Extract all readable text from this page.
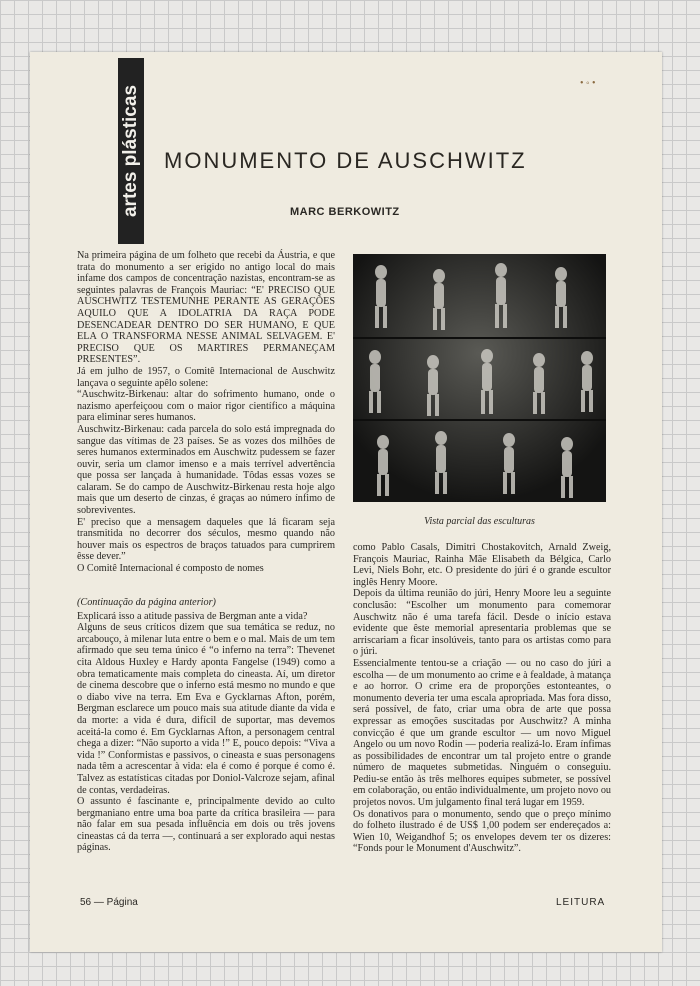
• ◦ •
artes plásticas MONUMENTO DE AUSCHWITZ
MARC BERKOWITZ

Na primeira página de um folheto que recebi da Áustria, e que trata do monumento a ser erigido no antigo local do mais infame dos campos de concentração nazistas, encontram-se as seguintes palavras de François Mauriac: “E' PRECISO QUE AUSCHWITZ TESTEMUNHE PERANTE AS GERAÇÕES AQUILO QUE A IDOLATRIA DA RAÇA PODE DESENCADEAR DENTRO DO SER HUMANO, E QUE ELA O TRANSFORMA NESSE ANIMAL SELVAGEM. E' PRECISO QUE OS MARTIRES PERMANEÇAM PRESENTES”.

Já em julho de 1957, o Comitê Internacional de Auschwitz lançava o seguinte apêlo solene:

“Auschwitz-Birkenau: altar do sofrimento humano, onde o nazismo aperfeiçoou com o maior rigor científico a máquina para eliminar seres humanos.

Auschwitz-Birkenau: cada parcela do solo está impregnada do sangue das vítimas de 23 países. Se as vozes dos milhões de seres humanos exterminados em Auschwitz pudessem se fazer ouvir, seria um clamor imenso e a mais terrível advertência que possa ser lançada à humanidade. Tôdas essas vozes se calaram. Se do campo de Auschwitz-Birkenau resta hoje algo mais que um deserto de cinzas, é graças ao número ínfimo de sobreviventes.

E' preciso que a mensagem daqueles que lá ficaram seja transmitida no decorrer dos séculos, mesmo quando não houver mais os espectros de braços tatuados para cumprirem êsse dever.”

O Comitê Internacional é composto de nomes

(Continuação da página anterior)

Explicará isso a atitude passiva de Bergman ante a vida?

Alguns de seus críticos dizem que sua temática se reduz, no arcabouço, à milenar luta entre o bem e o mal. Mais de um tem afirmado que seu tema único é “o inferno na terra”: Thevenet cita Aldous Huxley e Hardy aponta Fangelse (1949) como a obra tematicamente mais completa do cineasta. Aí, um diretor de cinema descobre que o inferno está mesmo no mundo e que o diabo vive na terra. Em Eva e Gycklarnas Afton, porém, Bergman esclarece um pouco mais sua atitude diante da vida e da morte: a vida é dura, difícil de suportar, mas devemos aceitá-la como é. Em Gycklarnas Afton, a personagem central chega a dizer: “Não suporto a vida !” E, pouco depois: “Viva a vida !” Conformistas e passivos, o cineasta e suas personagens nada têm a acrescentar à vida: ela é como é porque é como é. Talvez as estatísticas citadas por Doniol-Valcroze sejam, afinal de contas, verdadeiras.

O assunto é fascinante e, principalmente devido ao culto bergmaniano entre uma boa parte da crítica brasileira — para não falar em sua pesada influência em dois ou três jovens cineastas cá da terra —, continuará a ser explorado aqui nestas páginas.

Vista parcial das esculturas

como Pablo Casals, Dimitri Chostakovitch, Arnald Zweig, François Mauriac, Rainha Mãe Elisabeth da Bélgica, Carlo Levi, Niels Bohr, etc. O presidente do júri é o grande escultor inglês Henry Moore.

Depois da última reunião do júri, Henry Moore leu a seguinte conclusão: “Escolher um monumento para comemorar Auschwitz não é uma tarefa fácil. Desde o início estava evidente que êste memorial apresentaria problemas que se arriscariam a ficar insolúveis, tanto para os artistas como para o júri.

Essencialmente tentou-se a criação — ou no caso do júri a escolha — de um monumento ao crime e à fealdade, à matança e ao horror. O crime era de proporções estonteantes, o monumento deveria ter uma escala apropriada. Mas fora disso, será possível, de fato, criar uma obra de arte que possa expressar as emoções suscitadas por Auschwitz? A minha convicção é que um grande escultor — um novo Miguel Angelo ou um novo Rodin — poderia realizá-lo. Eram ínfimas as possibilidades de encontrar um tal projeto entre o grande número de maquetes submetidas. Ninguém o conseguiu. Pediu-se então às três melhores equipes submeter, se possível em colaboração, ou então individualmente, um projeto novo ou projetos novos. Um julgamento final terá lugar em 1959.

Os donativos para o monumento, sendo que o preço mínimo do folheto ilustrado é de US$ 1,00 podem ser endereçados a: Wien 10, Weigandhof 5; os envelopes devem ter os dizeres: “Fonds pour le Monument d'Auschwitz”.

56 — Página	LEITURA
